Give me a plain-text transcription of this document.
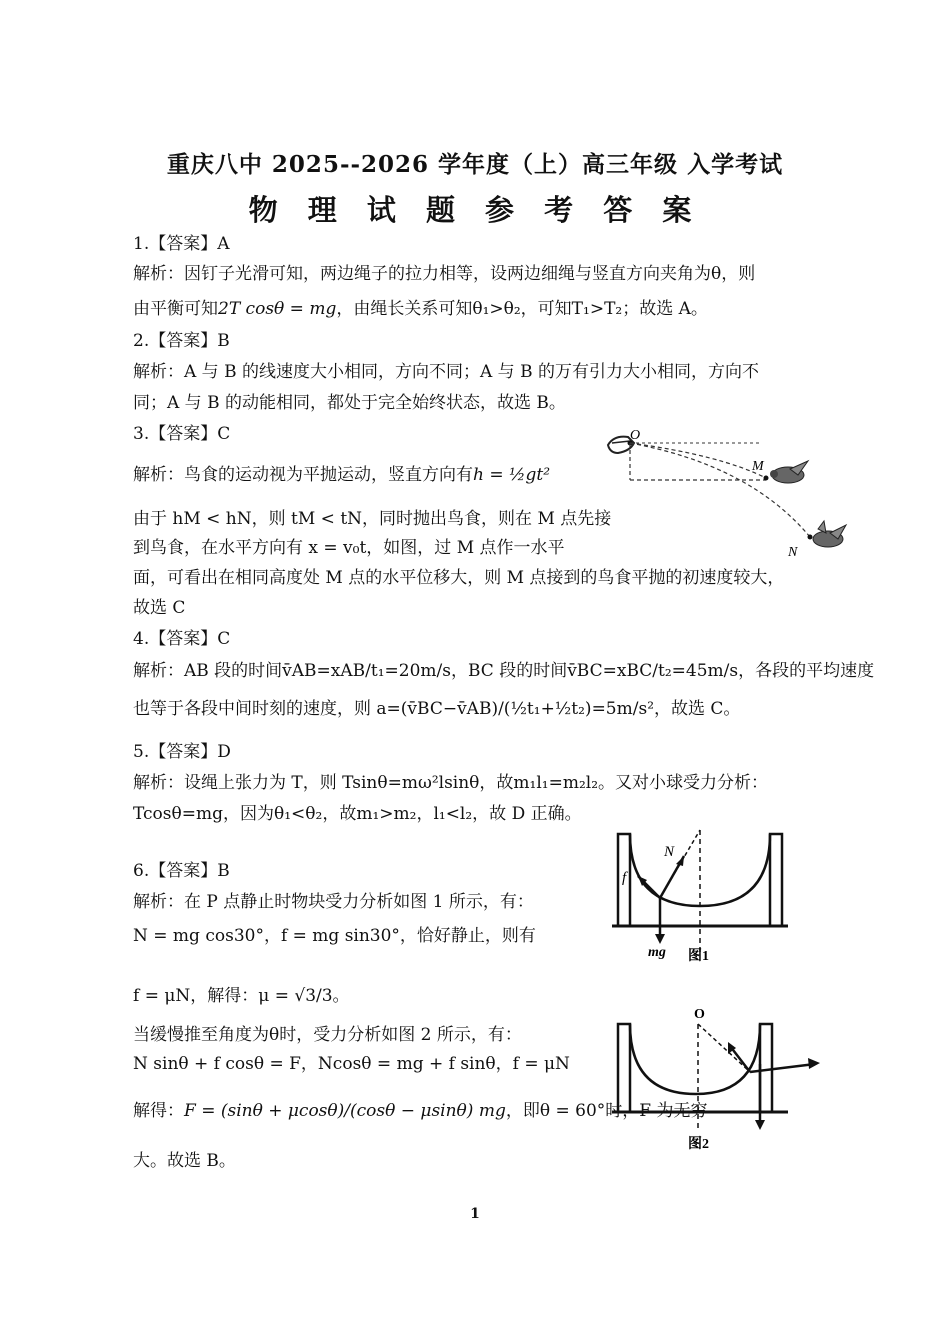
重庆八中 2025--2026 学年度（上）高三年级 入学考试
物 理 试 题 参 考 答 案
1.【答案】A
解析：因钉子光滑可知，两边绳子的拉力相等，设两边细绳与竖直方向夹角为θ，则
由平衡可知2T cosθ = mg，由绳长关系可知θ₁>θ₂，可知T₁>T₂；故选 A。
2.【答案】B
解析：A 与 B 的线速度大小相同，方向不同；A 与 B 的万有引力大小相同，方向不
同；A 与 B 的动能相同，都处于完全始终状态，故选 B。
3.【答案】C
解析：鸟食的运动视为平抛运动，竖直方向有h = ½gt²
由于 hM < hN，则 tM < tN，同时抛出鸟食，则在 M 点先接
到鸟食，在水平方向有 x = v₀t，如图，过 M 点作一水平
面，可看出在相同高度处 M 点的水平位移大，则 M 点接到的鸟食平抛的初速度较大，
故选 C
O
M
N
4.【答案】C
解析：AB 段的时间v̄AB=xAB/t₁=20m/s，BC 段的时间v̄BC=xBC/t₂=45m/s，各段的平均速度
也等于各段中间时刻的速度，则 a=(v̄BC−v̄AB)/(½t₁+½t₂)=5m/s²，故选 C。
5.【答案】D
解析：设绳上张力为 T，则 Tsinθ=mω²lsinθ，故m₁l₁=m₂l₂。又对小球受力分析：
Tcosθ=mg，因为θ₁<θ₂，故m₁>m₂，l₁<l₂，故 D 正确。
6.【答案】B
解析：在 P 点静止时物块受力分析如图 1 所示，有：
N = mg cos30°，f = mg sin30°，恰好静止，则有
f = μN，解得：μ = √3/3。
当缓慢推至角度为θ时，受力分析如图 2 所示，有：
N sinθ + f cosθ = F，Ncosθ = mg + f sinθ，f = μN
解得：F = (sinθ + μcosθ)/(cosθ − μsinθ) mg，即θ = 60°时，F 为无穷
大。故选 B。
N
f
mg 图1
O
图2
1
